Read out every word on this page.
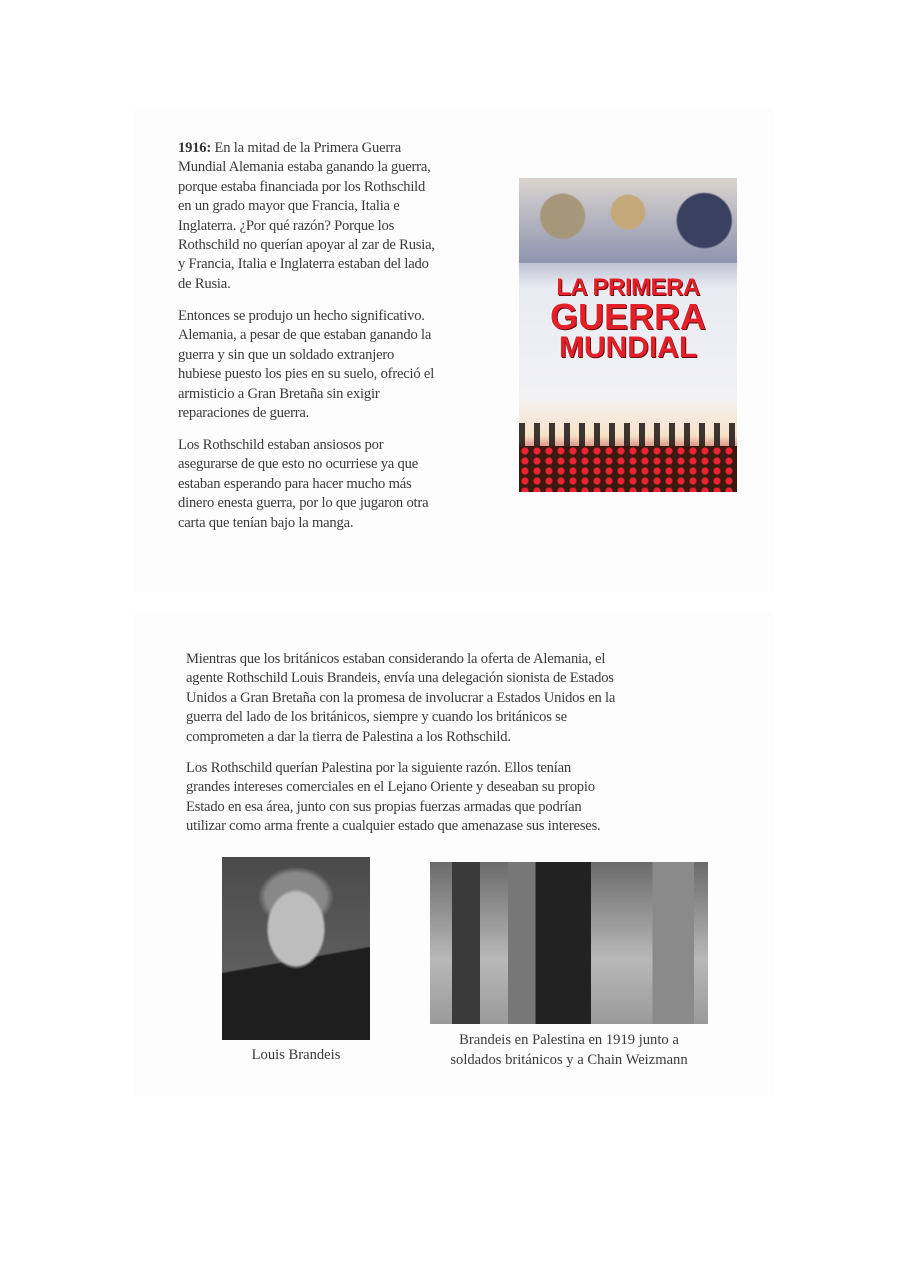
1916: En la mitad de la Primera Guerra
Mundial Alemania estaba ganando la guerra,
porque estaba financiada por los Rothschild
en un grado mayor que Francia, Italia e
Inglaterra. ¿Por qué razón? Porque los
Rothschild no querían apoyar al zar de Rusia,
y Francia, Italia e Inglaterra estaban del lado
de Rusia.
Entonces se produjo un hecho significativo.
Alemania, a pesar de que estaban ganando la
guerra y sin que un soldado extranjero
hubiese puesto los pies en su suelo, ofreció el
armisticio a Gran Bretaña sin exigir
reparaciones de guerra.
Los Rothschild estaban ansiosos por
asegurarse de que esto no ocurriese ya que
estaban esperando para hacer mucho más
dinero enesta guerra, por lo que jugaron otra
carta que tenían bajo la manga.
LA PRIMERA
GUERRA
MUNDIAL
Mientras que los británicos estaban considerando la oferta de Alemania, el
agente Rothschild Louis Brandeis, envía una delegación sionista de Estados
Unidos a Gran Bretaña con la promesa de involucrar a Estados Unidos en la
guerra del lado de los británicos, siempre y cuando los británicos se
comprometen a dar la tierra de Palestina a los Rothschild.
Los Rothschild querían Palestina por la siguiente razón. Ellos tenían
grandes intereses comerciales en el Lejano Oriente y deseaban su propio
Estado en esa área, junto con sus propias fuerzas armadas que podrían
utilizar como arma frente a cualquier estado que amenazase sus intereses.
Louis Brandeis
Brandeis en Palestina en 1919 junto a
soldados británicos y a Chain Weizmann
